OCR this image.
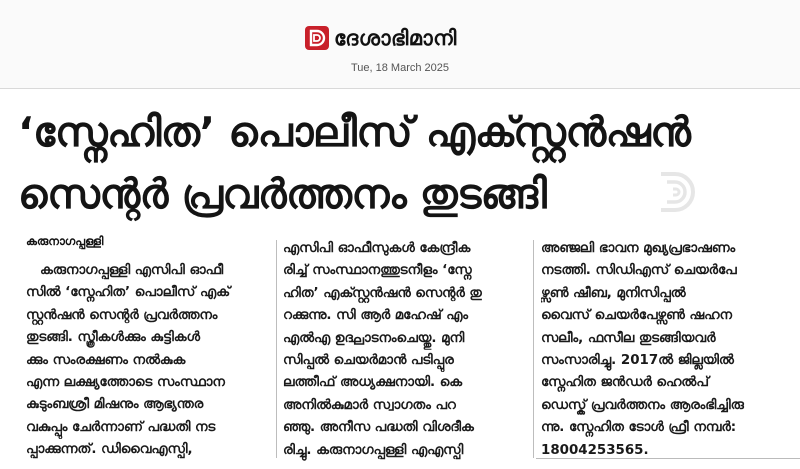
ദേശാഭിമാനി
Tue, 18 March 2025
‘സ്നേഹിത’ പൊലീസ് എക്സ്റ്റൻഷൻ
സെന്റർ പ്രവർത്തനം തുടങ്ങി
കരുനാഗപ്പള്ളി
കരുനാഗപ്പള്ളി എസിപി ഓഫീ
സിൽ ‘സ്നേഹിത’ പൊലീസ് എക്
സ്റ്റൻഷൻ സെന്റർ പ്രവർത്തനം
തുടങ്ങി. സ്ത്രീകൾക്കും കുട്ടികൾ
ക്കും സംരക്ഷണം നൽകുക
എന്ന ലക്ഷ്യത്തോടെ സംസ്ഥാന
കുടുംബശ്രീ മിഷനും ആഭ്യന്തര
വകുപ്പും ചേർന്നാണ് പദ്ധതി നട
പ്പാക്കുന്നത്. ഡിവൈഎസ്പി,
എസിപി ഓഫീസുകൾ കേന്ദ്രീക
രിച്ച് സംസ്ഥാനത്തുടനീളം ‘സ്നേ
ഹിത’ എക്സ്റ്റൻഷൻ സെന്റർ തു
റക്കുന്നു. സി ആർ മഹേഷ് എം
എൽഎ ഉദ്ഘാടനംചെയ്തു. മുനി
സിപ്പൽ ചെയർമാൻ പടിപ്പുര
ലത്തീഫ് അധ്യക്ഷനായി. കെ
അനിൽകുമാർ സ്വാഗതം പറ
ഞ്ഞു. അനീസ പദ്ധതി വിശദീക
രിച്ചു. കരുനാഗപ്പള്ളി എഎസ്പി
അഞ്ജലി ഭാവന മുഖ്യപ്രഭാഷണം
നടത്തി. സിഡിഎസ് ചെയർപേ
ഴ്സൺ ഷീബ, മുനിസിപ്പൽ
വൈസ് ചെയർപേഴ്സൺ ഷഹന
സലീം, ഫസീല തുടങ്ങിയവർ
സംസാരിച്ചു. 2017ൽ ജില്ലയിൽ
സ്നേഹിത ജൻഡർ ഹെൽപ്
ഡെസ്ക് പ്രവർത്തനം ആരംഭിച്ചിരു
ന്നു. സ്നേഹിത ടോൾ ഫ്രീ നമ്പർ:
18004253565.
